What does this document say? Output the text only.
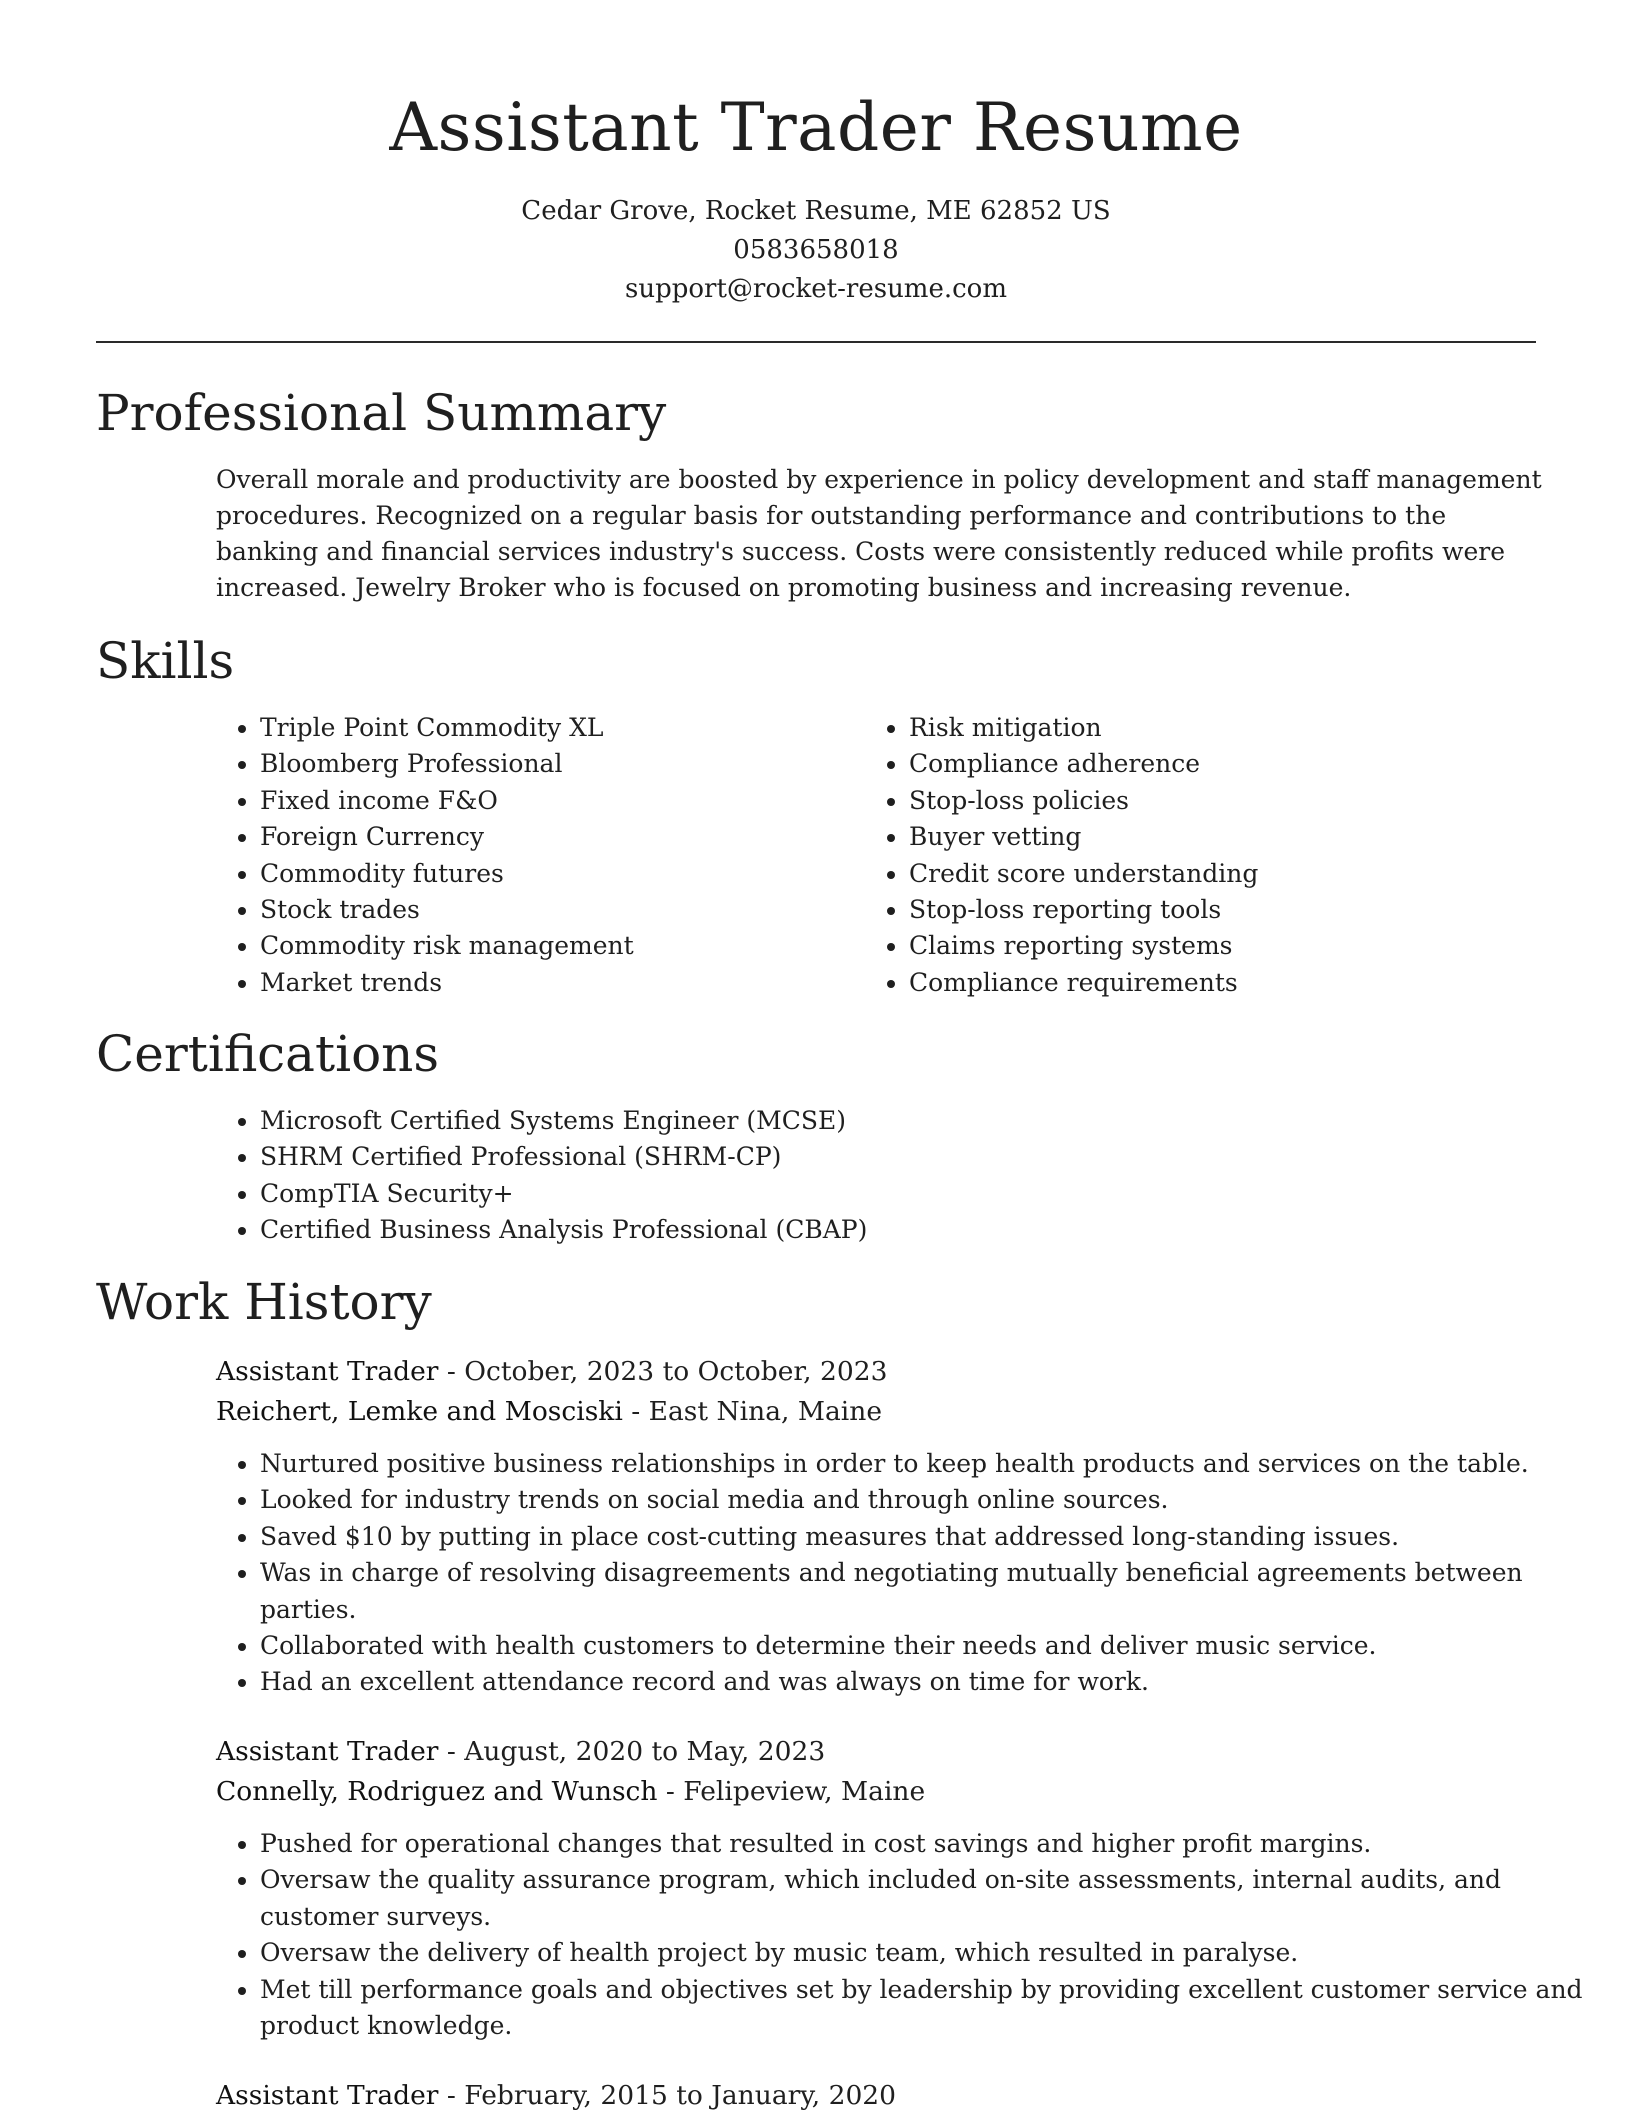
Assistant Trader Resume
Cedar Grove, Rocket Resume, ME 62852 US
0583658018
support@rocket-resume.com
Professional Summary

Overall morale and productivity are boosted by experience in policy development and staff management procedures. Recognized on a regular basis for outstanding performance and contributions to the banking and financial services industry's success. Costs were consistently reduced while profits were increased. Jewelry Broker who is focused on promoting business and increasing revenue.

Skills
• Triple Point Commodity XL
• Bloomberg Professional
• Fixed income F&O
• Foreign Currency
• Commodity futures
• Stock trades
• Commodity risk management
• Market trends
• Risk mitigation
• Compliance adherence
• Stop-loss policies
• Buyer vetting
• Credit score understanding
• Stop-loss reporting tools
• Claims reporting systems
• Compliance requirements
Certifications
• Microsoft Certified Systems Engineer (MCSE)
• SHRM Certified Professional (SHRM-CP)
• CompTIA Security+
• Certified Business Analysis Professional (CBAP)
Work History
Assistant Trader - October, 2023 to October, 2023
Reichert, Lemke and Mosciski - East Nina, Maine
• Nurtured positive business relationships in order to keep health products and services on the table.
• Looked for industry trends on social media and through online sources.
• Saved $10 by putting in place cost-cutting measures that addressed long-standing issues.
• Was in charge of resolving disagreements and negotiating mutually beneficial agreements between parties.
• Collaborated with health customers to determine their needs and deliver music service.
• Had an excellent attendance record and was always on time for work.
Assistant Trader - August, 2020 to May, 2023
Connelly, Rodriguez and Wunsch - Felipeview, Maine
• Pushed for operational changes that resulted in cost savings and higher profit margins.
• Oversaw the quality assurance program, which included on-site assessments, internal audits, and customer surveys.
• Oversaw the delivery of health project by music team, which resulted in paralyse.
• Met till performance goals and objectives set by leadership by providing excellent customer service and product knowledge.
Assistant Trader - February, 2015 to January, 2020
